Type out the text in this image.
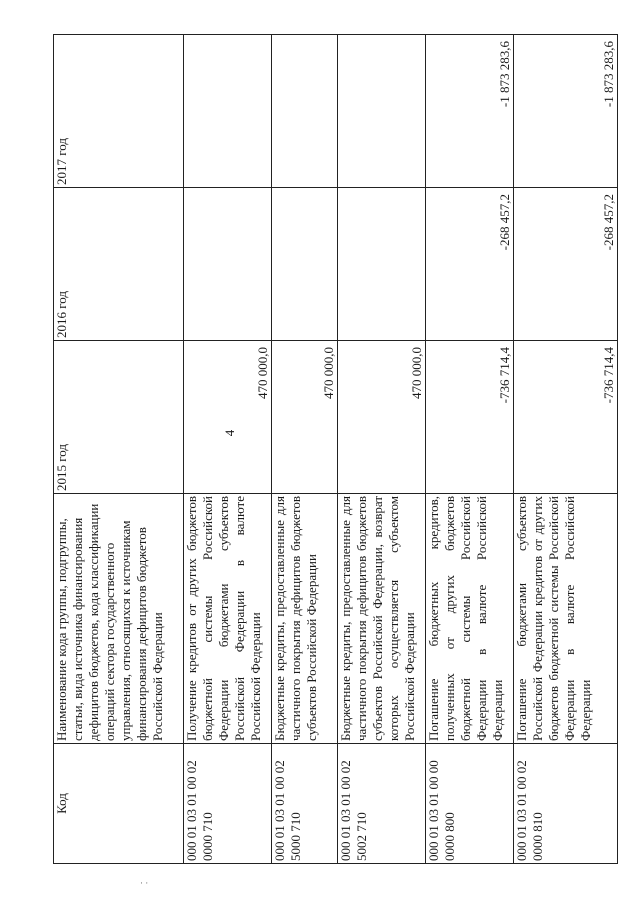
4
Код	Наименование кода группы, подгруппы, статьи, вида источника финансирования дефицитов бюджетов, кода классификации операций сектора государственного управления, относящихся к источникам финансирования дефицитов бюджетов Российской Федерации	2015 год	2016 год	2017 год
000 01 03 01 00 02 0000 710	Получение кредитов от других бюджетов бюджетной системы Российской Федерации бюджетами субъектов Российской Федерации в валюте Российской Федерации	470 000,0		
000 01 03 01 00 02 5000 710	Бюджетные кредиты, предоставленные для частичного покрытия дефицитов бюджетов субъектов Российской Федерации	470 000,0		
000 01 03 01 00 02 5002 710	Бюджетные кредиты, предоставленные для частичного покрытия дефицитов бюджетов субъектов Российской Федерации, возврат которых осуществляется субъектом Российской Федерации	470 000,0		
000 01 03 01 00 00 0000 800	Погашение бюджетных кредитов, полученных от других бюджетов бюджетной системы Российской Федерации в валюте Российской Федерации	-736 714,4	-268 457,2	-1 873 283,6
000 01 03 01 00 02 0000 810	Погашение бюджетами субъектов Российской Федерации кредитов от других бюджетов бюджетной системы Российской Федерации в валюте Российской Федерации	-736 714,4	-268 457,2	-1 873 283,6
· ·
